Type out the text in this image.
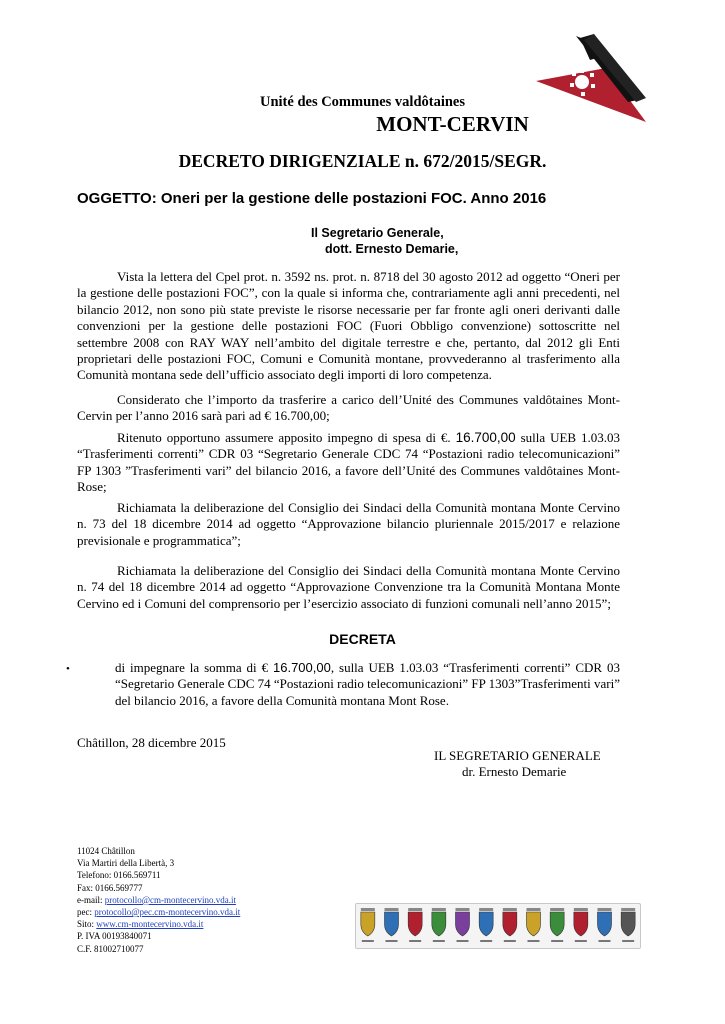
Unité des Communes valdôtaines
MONT-CERVIN
DECRETO DIRIGENZIALE n. 672/2015/SEGR.
OGGETTO: Oneri per la gestione delle postazioni FOC. Anno 2016
Il Segretario Generale,
dott. Ernesto Demarie,
Vista la lettera del Cpel prot. n. 3592 ns. prot. n. 8718 del 30 agosto 2012 ad oggetto “Oneri per la gestione delle postazioni FOC”, con la quale si informa che, contrariamente agli anni precedenti, nel bilancio 2012, non sono più state previste le risorse necessarie per far fronte agli oneri derivanti dalle convenzioni per la gestione delle postazioni FOC (Fuori Obbligo convenzione) sottoscritte nel settembre 2008 con RAY WAY nell’ambito del digitale terrestre e che, pertanto, dal 2012 gli Enti proprietari delle postazioni FOC, Comuni e Comunità montane, provvederanno al trasferimento alla Comunità montana sede dell’ufficio associato degli importi di loro competenza.
Considerato che l’importo da trasferire a carico dell’Unité des Communes valdôtaines Mont-Cervin per l’anno 2016 sarà pari ad € 16.700,00;
Ritenuto opportuno assumere apposito impegno di spesa di €. 16.700,00 sulla UEB 1.03.03 “Trasferimenti correnti” CDR 03 “Segretario Generale CDC 74 “Postazioni radio telecomunicazioni” FP 1303 ”Trasferimenti vari” del bilancio 2016, a favore dell’Unité des Communes valdôtaines Mont-Rose;
Richiamata la deliberazione del Consiglio dei Sindaci della Comunità montana Monte Cervino n. 73 del 18 dicembre 2014 ad oggetto “Approvazione bilancio pluriennale 2015/2017 e relazione previsionale e programmatica”;
Richiamata la deliberazione del Consiglio dei Sindaci della Comunità montana Monte Cervino n. 74 del 18 dicembre 2014 ad oggetto “Approvazione Convenzione tra la Comunità Montana Monte Cervino ed i Comuni del comprensorio per l’esercizio associato di funzioni comunali nell’anno 2015”;
DECRETA
•	di impegnare la somma di € 16.700,00, sulla UEB 1.03.03 “Trasferimenti correnti” CDR 03 “Segretario Generale CDC 74 “Postazioni radio telecomunicazioni” FP 1303”Trasferimenti vari” del bilancio 2016, a favore della Comunità montana Mont Rose.
Châtillon, 28 dicembre 2015
IL SEGRETARIO GENERALE
dr. Ernesto Demarie
11024 Châtillon
Via Martiri della Libertà, 3
Telefono: 0166.569711
Fax: 0166.569777
e-mail: protocollo@cm-montecervino.vda.it
pec: protocollo@pec.cm-montecervino.vda.it
Sito: www.cm-montecervino.vda.it
P. IVA 00193840071
C.F. 81002710077
